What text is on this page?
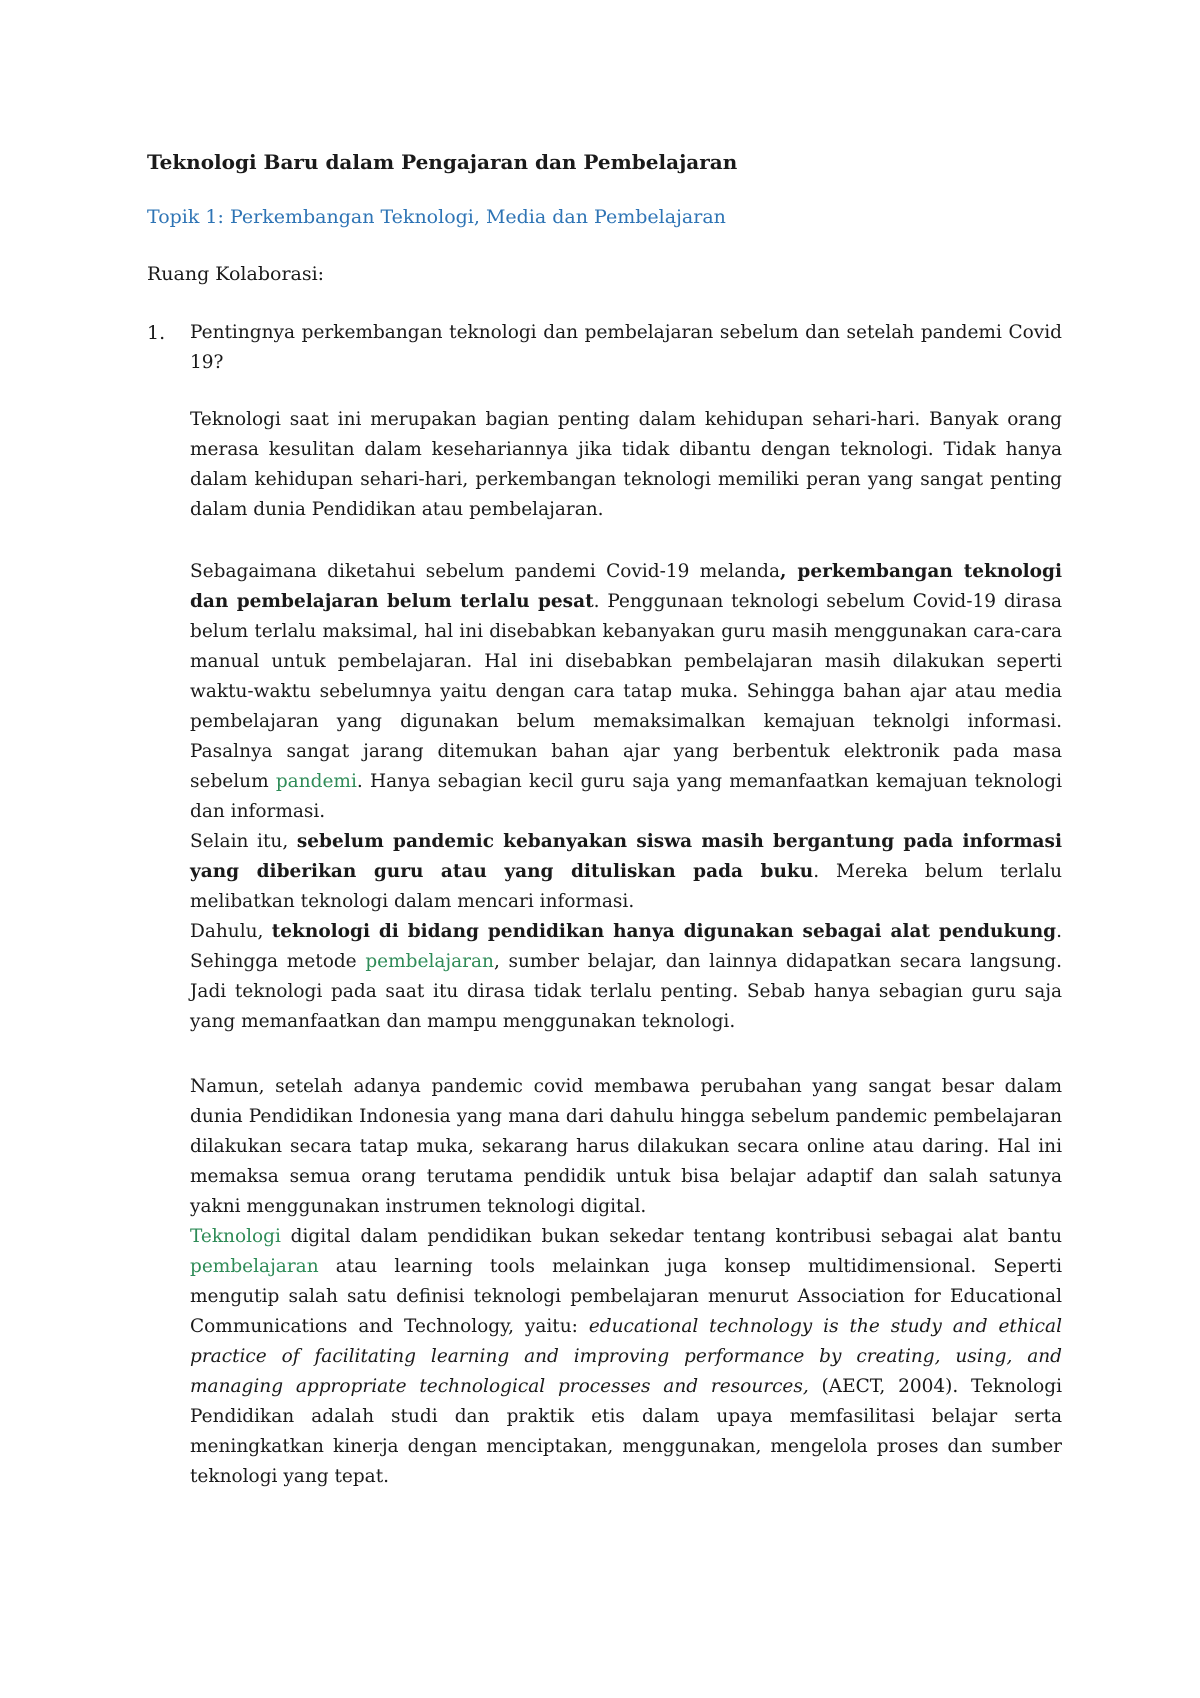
Teknologi Baru dalam Pengajaran dan Pembelajaran

Topik 1: Perkembangan Teknologi, Media dan Pembelajaran

Ruang Kolaborasi:

1. Pentingnya perkembangan teknologi dan pembelajaran sebelum dan setelah pandemi Covid 19?

Teknologi saat ini merupakan bagian penting dalam kehidupan sehari-hari. Banyak orang merasa kesulitan dalam kesehariannya jika tidak dibantu dengan teknologi. Tidak hanya dalam kehidupan sehari-hari, perkembangan teknologi memiliki peran yang sangat penting dalam dunia Pendidikan atau pembelajaran.

Sebagaimana diketahui sebelum pandemi Covid-19 melanda, perkembangan teknologi dan pembelajaran belum terlalu pesat. Penggunaan teknologi sebelum Covid-19 dirasa belum terlalu maksimal, hal ini disebabkan kebanyakan guru masih menggunakan cara-cara manual untuk pembelajaran. Hal ini disebabkan pembelajaran masih dilakukan seperti waktu-waktu sebelumnya yaitu dengan cara tatap muka. Sehingga bahan ajar atau media pembelajaran yang digunakan belum memaksimalkan kemajuan teknolgi informasi. Pasalnya sangat jarang ditemukan bahan ajar yang berbentuk elektronik pada masa sebelum pandemi. Hanya sebagian kecil guru saja yang memanfaatkan kemajuan teknologi dan informasi.

Selain itu, sebelum pandemic kebanyakan siswa masih bergantung pada informasi yang diberikan guru atau yang dituliskan pada buku. Mereka belum terlalu melibatkan teknologi dalam mencari informasi.

Dahulu, teknologi di bidang pendidikan hanya digunakan sebagai alat pendukung. Sehingga metode pembelajaran, sumber belajar, dan lainnya didapatkan secara langsung. Jadi teknologi pada saat itu dirasa tidak terlalu penting. Sebab hanya sebagian guru saja yang memanfaatkan dan mampu menggunakan teknologi.

Namun, setelah adanya pandemic covid membawa perubahan yang sangat besar dalam dunia Pendidikan Indonesia yang mana dari dahulu hingga sebelum pandemic pembelajaran dilakukan secara tatap muka, sekarang harus dilakukan secara online atau daring. Hal ini memaksa semua orang terutama pendidik untuk bisa belajar adaptif dan salah satunya yakni menggunakan instrumen teknologi digital.

Teknologi digital dalam pendidikan bukan sekedar tentang kontribusi sebagai alat bantu pembelajaran atau learning tools melainkan juga konsep multidimensional. Seperti mengutip salah satu definisi teknologi pembelajaran menurut Association for Educational Communications and Technology, yaitu: educational technology is the study and ethical practice of facilitating learning and improving performance by creating, using, and managing appropriate technological processes and resources, (AECT, 2004). Teknologi Pendidikan adalah studi dan praktik etis dalam upaya memfasilitasi belajar serta meningkatkan kinerja dengan menciptakan, menggunakan, mengelola proses dan sumber teknologi yang tepat.
